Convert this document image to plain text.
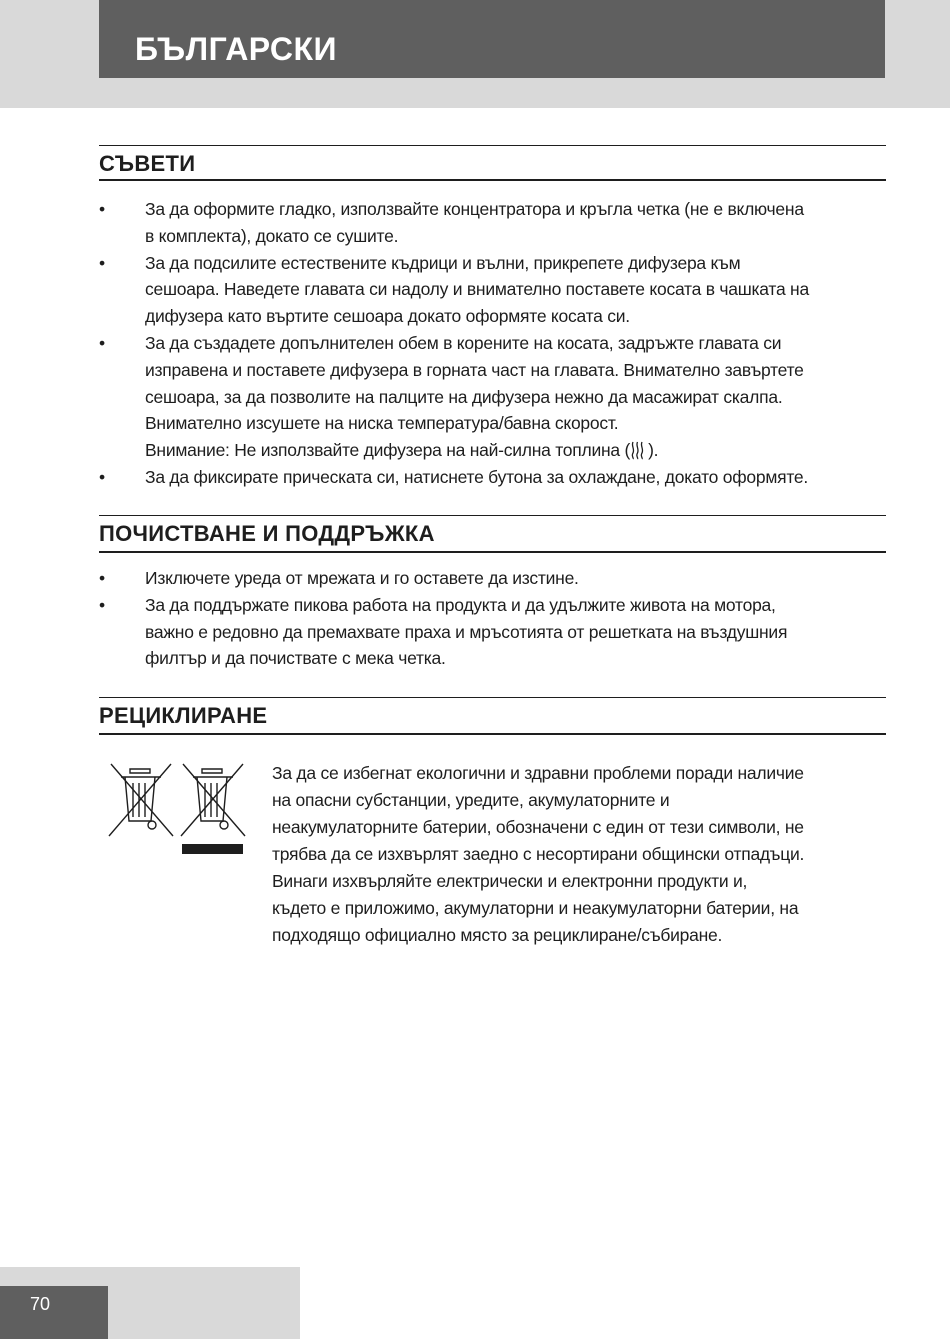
БЪЛГАРСКИ
СЪВЕТИ
• За да оформите гладко, използвайте концентратора и кръгла четка (не е включена
в комплекта), докато се сушите.
• За да подсилите естествените къдрици и вълни, прикрепете дифузера към
сешоара. Наведете главата си надолу и внимателно поставете косата в чашката на
дифузера като въртите сешоара докато оформяте косата си.
• За да създадете допълнителен обем в корените на косата, задръжте главата си
изправена и поставете дифузера в горната част на главата. Внимателно завъртете
сешоара, за да позволите на палците на дифузера нежно да масажират скалпа.
Внимателно изсушете на ниска температура/бавна скорост.
Внимание: Не използвайте дифузера на най-силна топлина ( ).
• За да фиксирате прическата си, натиснете бутона за охлаждане, докато оформяте.
ПОЧИСТВАНЕ И ПОДДРЪЖКА
• Изключете уреда от мрежата и го оставете да изстине.
• За да поддържате пикова работа на продукта и да удължите живота на мотора,
важно е редовно да премахвате праха и мръсотията от решетката на въздушния
филтър и да почиствате с мека четка.
РЕЦИКЛИРАНЕ
За да се избегнат екологични и здравни проблеми поради наличие
на опасни субстанции, уредите, акумулаторните и
неакумулаторните батерии, обозначени с един от тези символи, не
трябва да се изхвърлят заедно с несортирани общински отпадъци.
Винаги изхвърляйте електрически и електронни продукти и,
където е приложимо, акумулаторни и неакумулаторни батерии, на
подходящо официално място за рециклиране/събиране.
70
